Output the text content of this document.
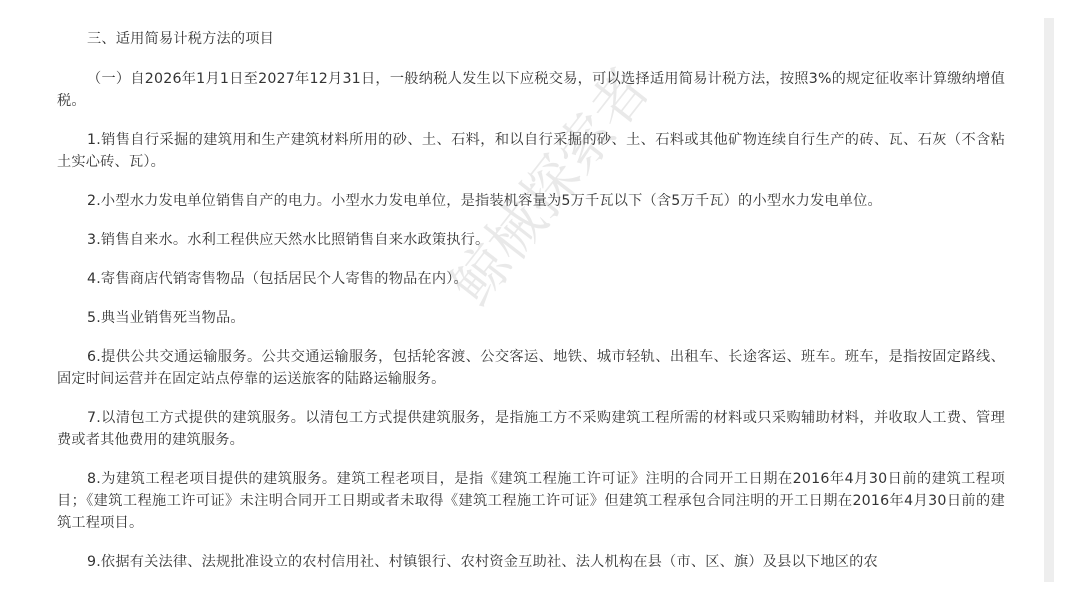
三、适用简易计税方法的项目

（一）自2026年1月1日至2027年12月31日，一般纳税人发生以下应税交易，可以选择适用简易计税方法，按照3%的规定征收率计算缴纳增值税。

1.销售自行采掘的建筑用和生产建筑材料所用的砂、土、石料，和以自行采掘的砂、土、石料或其他矿物连续自行生产的砖、瓦、石灰（不含粘土实心砖、瓦）。

2.小型水力发电单位销售自产的电力。小型水力发电单位，是指装机容量为5万千瓦以下（含5万千瓦）的小型水力发电单位。

3.销售自来水。水利工程供应天然水比照销售自来水政策执行。

4.寄售商店代销寄售物品（包括居民个人寄售的物品在内）。

5.典当业销售死当物品。

6.提供公共交通运输服务。公共交通运输服务，包括轮客渡、公交客运、地铁、城市轻轨、出租车、长途客运、班车。班车，是指按固定路线、固定时间运营并在固定站点停靠的运送旅客的陆路运输服务。

7.以清包工方式提供的建筑服务。以清包工方式提供建筑服务，是指施工方不采购建筑工程所需的材料或只采购辅助材料，并收取人工费、管理费或者其他费用的建筑服务。

8.为建筑工程老项目提供的建筑服务。建筑工程老项目，是指《建筑工程施工许可证》注明的合同开工日期在2016年4月30日前的建筑工程项目；《建筑工程施工许可证》未注明合同开工日期或者未取得《建筑工程施工许可证》但建筑工程承包合同注明的开工日期在2016年4月30日前的建筑工程项目。

9.依据有关法律、法规批准设立的农村信用社、村镇银行、农村资金互助社、法人机构在县（市、区、旗）及县以下地区的农

鲸械探索者
